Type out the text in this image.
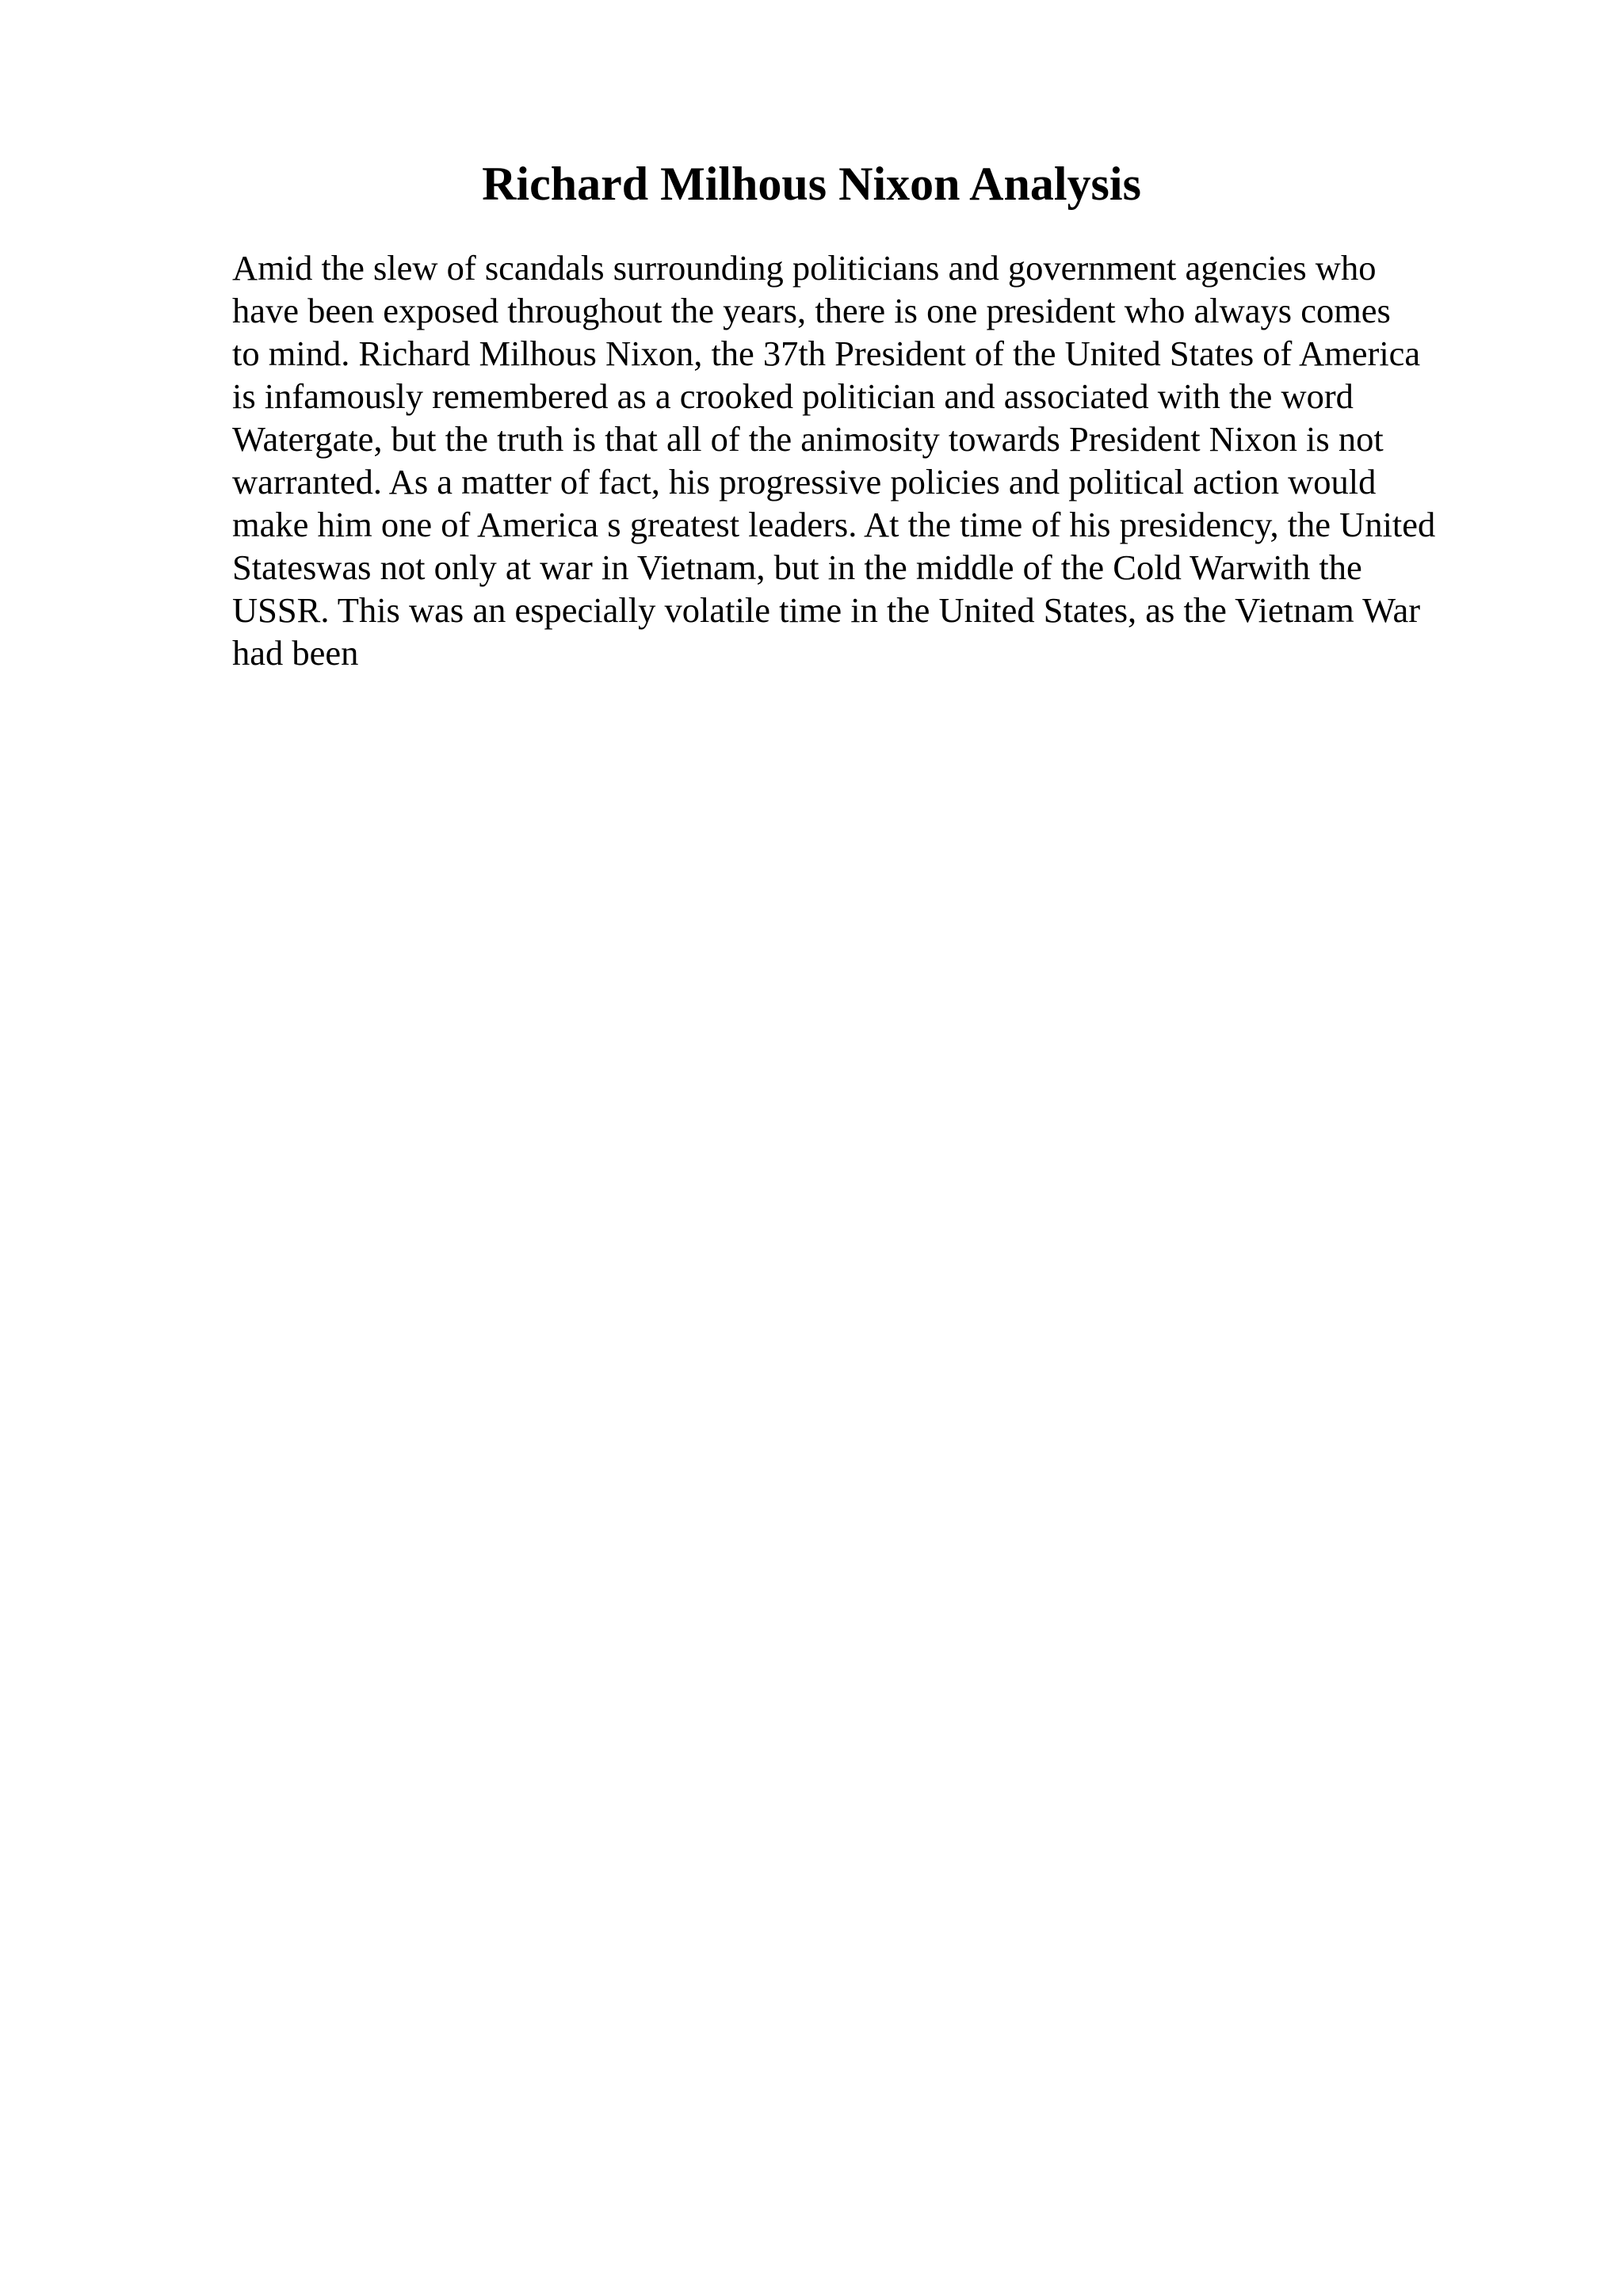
Richard Milhous Nixon Analysis
Amid the slew of scandals surrounding politicians and government agencies who
have been exposed throughout the years, there is one president who always comes
to mind. Richard Milhous Nixon, the 37th President of the United States of America
is infamously remembered as a crooked politician and associated with the word
Watergate, but the truth is that all of the animosity towards President Nixon is not
warranted. As a matter of fact, his progressive policies and political action would
make him one of America s greatest leaders. At the time of his presidency, the United
Stateswas not only at war in Vietnam, but in the middle of the Cold Warwith the
USSR. This was an especially volatile time in the United States, as the Vietnam War
had been
